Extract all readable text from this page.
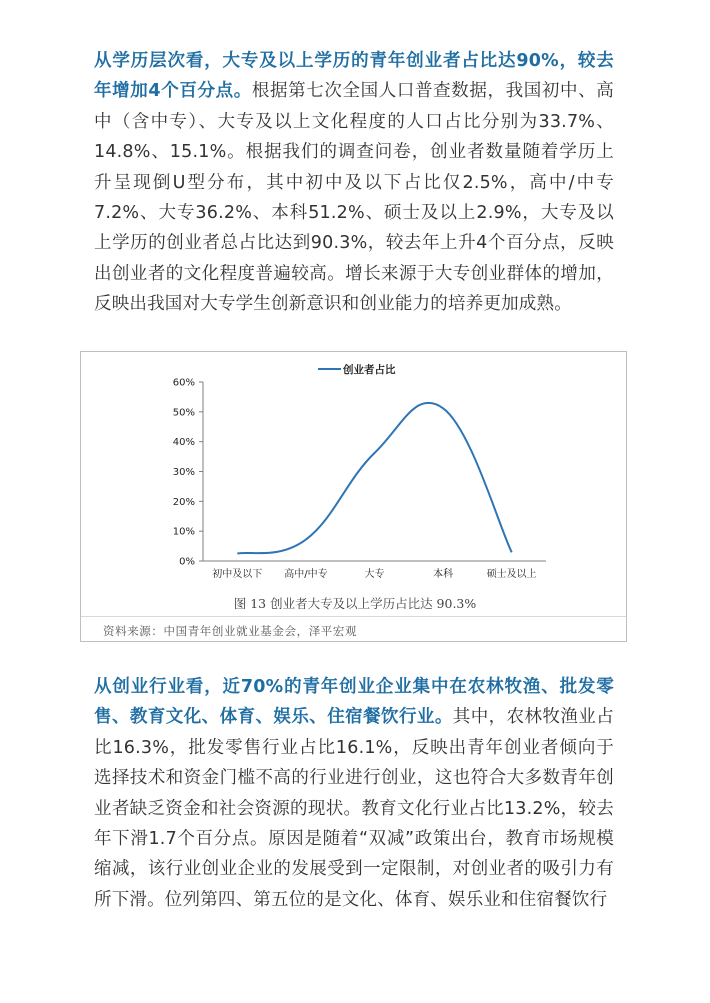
从学历层次看，大专及以上学历的青年创业者占比达90%，较去年增加4个百分点。根据第七次全国人口普查数据，我国初中、高中（含中专）、大专及以上文化程度的人口占比分别为33.7%、14.8%、15.1%。根据我们的调查问卷，创业者数量随着学历上升呈现倒U型分布，其中初中及以下占比仅2.5%，高中/中专7.2%、大专36.2%、本科51.2%、硕士及以上2.9%，大专及以上学历的创业者总占比达到90.3%，较去年上升4个百分点，反映出创业者的文化程度普遍较高。增长来源于大专创业群体的增加，反映出我国对大专学生创新意识和创业能力的培养更加成熟。

0%
10%
20%
30%
40%
50%
60%
初中及以下 高中/中专	大专	本科	硕士及以上
创业者占比
图 13 创业者大专及以上学历占比达 90.3%
资料来源：中国青年创业就业基金会，泽平宏观

从创业行业看，近70%的青年创业企业集中在农林牧渔、批发零售、教育文化、体育、娱乐、住宿餐饮行业。其中，农林牧渔业占比16.3%，批发零售行业占比16.1%，反映出青年创业者倾向于选择技术和资金门槛不高的行业进行创业，这也符合大多数青年创业者缺乏资金和社会资源的现状。教育文化行业占比13.2%，较去年下滑1.7个百分点。原因是随着“双减”政策出台，教育市场规模缩减，该行业创业企业的发展受到一定限制，对创业者的吸引力有所下滑。位列第四、第五位的是文化、体育、娱乐业和住宿餐饮行
